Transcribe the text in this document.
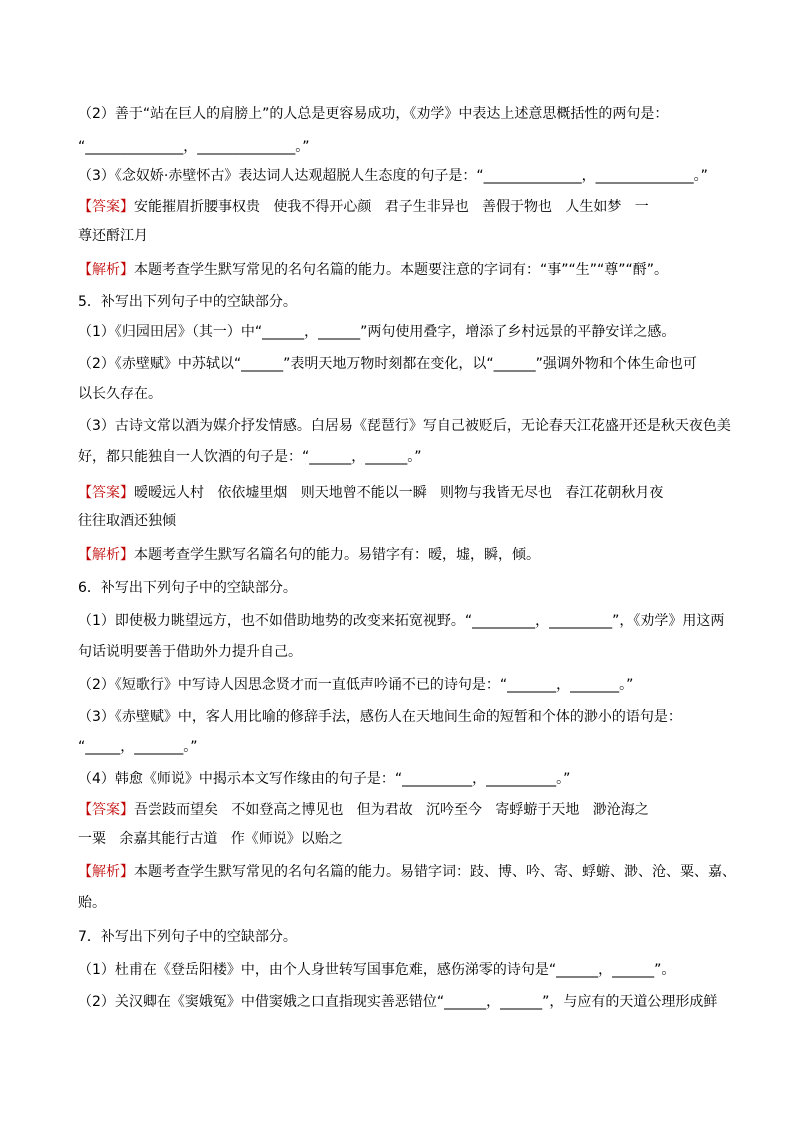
（2）善于“站在巨人的肩膀上”的人总是更容易成功，《劝学》中表达上述意思概括性的两句是：
“______________，______________。”
（3）《念奴娇·赤壁怀古》表达词人达观超脱人生态度的句子是：“______________，______________。”
【答案】安能摧眉折腰事权贵   使我不得开心颜   君子生非异也   善假于物也   人生如梦   一
尊还酹江月
【解析】本题考查学生默写常见的名句名篇的能力。本题要注意的字词有：“事”“生”“尊”“酹”。
5．补写出下列句子中的空缺部分。
（1）《归园田居》（其一）中“______，______”两句使用叠字，增添了乡村远景的平静安详之感。
（2）《赤壁赋》中苏轼以“______”表明天地万物时刻都在变化，以“______”强调外物和个体生命也可
以长久存在。
（3）古诗文常以酒为媒介抒发情感。白居易《琵琶行》写自己被贬后，无论春天江花盛开还是秋天夜色美
好，都只能独自一人饮酒的句子是：“______，______。”
【答案】暧暧远人村   依依墟里烟   则天地曾不能以一瞬   则物与我皆无尽也   春江花朝秋月夜
往往取酒还独倾
【解析】本题考查学生默写名篇名句的能力。易错字有：暧，墟，瞬，倾。
6．补写出下列句子中的空缺部分。
（1）即使极力眺望远方，也不如借助地势的改变来拓宽视野。“_________，_________”，《劝学》用这两
句话说明要善于借助外力提升自己。
（2）《短歌行》中写诗人因思念贤才而一直低声吟诵不已的诗句是：“_______，_______。”
（3）《赤壁赋》中，客人用比喻的修辞手法，感伤人在天地间生命的短暂和个体的渺小的语句是：
“_____，_______。”
（4）韩愈《师说》中揭示本文写作缘由的句子是：“__________，__________。”
【答案】吾尝跂而望矣   不如登高之博见也   但为君故   沉吟至今   寄蜉蝣于天地   渺沧海之
一粟   余嘉其能行古道   作《师说》以贻之
【解析】本题考查学生默写常见的名句名篇的能力。易错字词：跂、博、吟、寄、蜉蝣、渺、沧、粟、嘉、
贻。
7．补写出下列句子中的空缺部分。
（1）杜甫在《登岳阳楼》中，由个人身世转写国事危难，感伤涕零的诗句是“______，______”。
（2）关汉卿在《窦娥冤》中借窦娥之口直指现实善恶错位“______，______”，与应有的天道公理形成鲜
